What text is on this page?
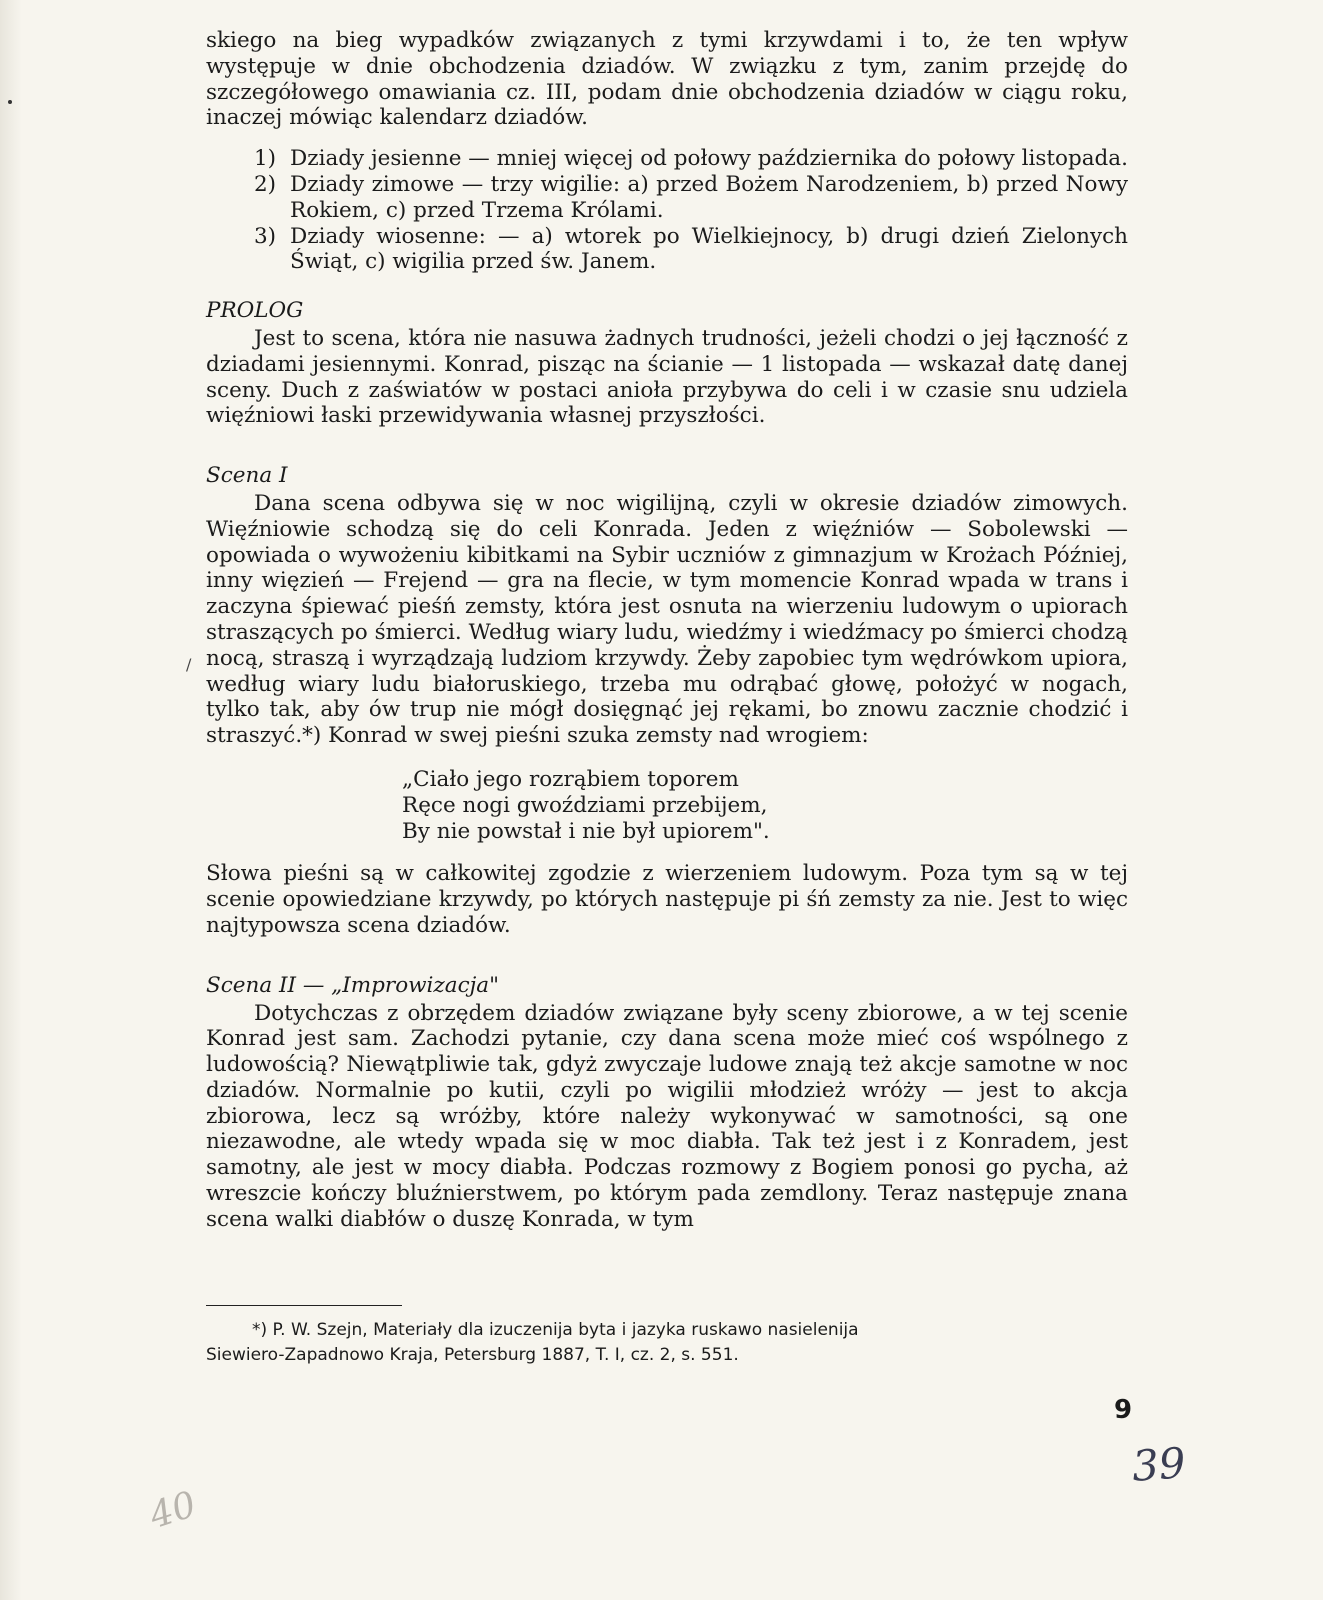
/

skiego na bieg wypadków związanych z tymi krzywdami i to, że ten wpływ występuje w dnie obchodzenia dziadów. W związku z tym, zanim przejdę do szczegółowego omawiania cz. III, podam dnie obchodzenia dziadów w ciągu roku, inaczej mówiąc kalendarz dziadów.

1) Dziady jesienne — mniej więcej od połowy października do połowy listopada.
2) Dziady zimowe — trzy wigilie: a) przed Bożem Narodzeniem, b) przed Nowy Rokiem, c) przed Trzema Królami.
3) Dziady wiosenne: — a) wtorek po Wielkiejnocy, b) drugi dzień Zielonych Świąt, c) wigilia przed św. Janem.
PROLOG

Jest to scena, która nie nasuwa żadnych trudności, jeżeli chodzi o jej łączność z dziadami jesiennymi. Konrad, pisząc na ścianie — 1 listopada — wskazał datę danej sceny. Duch z zaświatów w postaci anioła przybywa do celi i w czasie snu udziela więźniowi łaski przewidywania własnej przyszłości.

Scena I

Dana scena odbywa się w noc wigilijną, czyli w okresie dziadów zimowych. Więźniowie schodzą się do celi Konrada. Jeden z więźniów — Sobolewski — opowiada o wywożeniu kibitkami na Sybir uczniów z gimnazjum w Krożach Później, inny więzień — Frejend — gra na flecie, w tym momencie Konrad wpada w trans i zaczyna śpiewać pieśń zemsty, która jest osnuta na wierzeniu ludowym o upiorach straszących po śmierci. Według wiary ludu, wiedźmy i wiedźmacy po śmierci chodzą nocą, straszą i wyrządzają ludziom krzywdy. Żeby zapobiec tym wędrówkom upiora, według wiary ludu białoruskiego, trzeba mu odrąbać głowę, położyć w nogach, tylko tak, aby ów trup nie mógł dosięgnąć jej rękami, bo znowu zacznie chodzić i straszyć.*) Konrad w swej pieśni szuka zemsty nad wrogiem:

„Ciało jego rozrąbiem toporem
Ręce nogi gwoździami przebijem,
By nie powstał i nie był upiorem".

Słowa pieśni są w całkowitej zgodzie z wierzeniem ludowym. Poza tym są w tej scenie opowiedziane krzywdy, po których następuje pi śń zemsty za nie. Jest to więc najtypowsza scena dziadów.

Scena II — „Improwizacja"

Dotychczas z obrzędem dziadów związane były sceny zbiorowe, a w tej scenie Konrad jest sam. Zachodzi pytanie, czy dana scena może mieć coś wspólnego z ludowością? Niewątpliwie tak, gdyż zwyczaje ludowe znają też akcje samotne w noc dziadów. Normalnie po kutii, czyli po wigilii młodzież wróży — jest to akcja zbiorowa, lecz są wróżby, które należy wykonywać w samotności, są one niezawodne, ale wtedy wpada się w moc diabła. Tak też jest i z Konradem, jest samotny, ale jest w mocy diabła. Podczas rozmowy z Bogiem ponosi go pycha, aż wreszcie kończy bluźnierstwem, po którym pada zemdlony. Teraz następuje znana scena walki diabłów o duszę Konrada, w tym

*) P. W. Szejn, Materiały dla izuczenija byta i jazyka ruskawo nasielenija

Siewiero-Zapadnowo Kraja, Petersburg 1887, T. I, cz. 2, s. 551.

9
39
40
